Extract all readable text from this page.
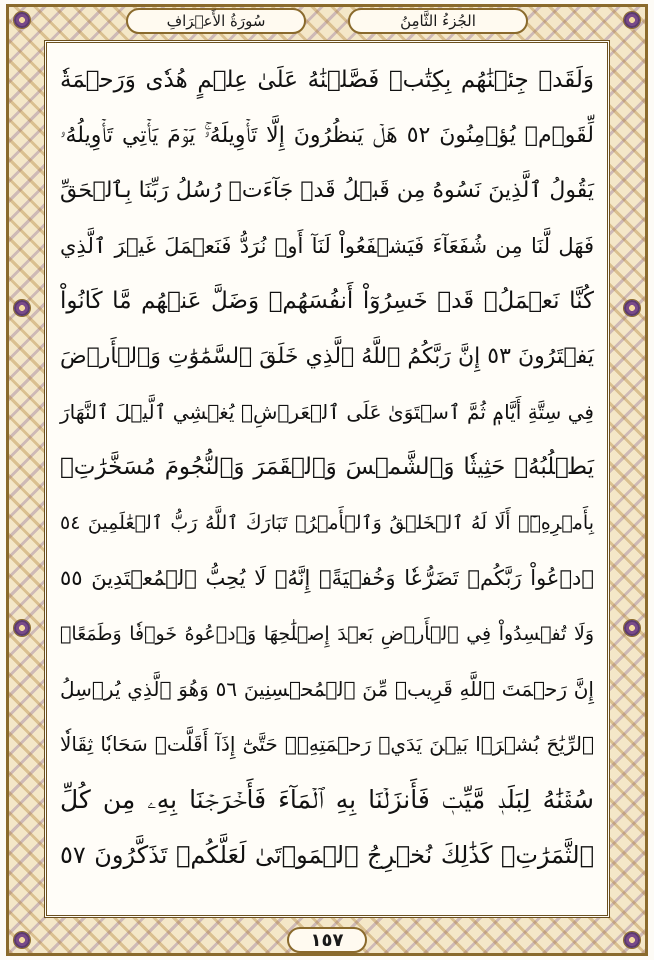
الجُزءُ الثَّامِنُ
سُورَةُ الأَعۡرَافِ
وَلَقَدۡ جِئۡنَٰهُم بِكِتَٰبٖ فَصَّلۡنَٰهُ عَلَىٰ عِلۡمٍ هُدٗى وَرَحۡمَةٗ
لِّقَوۡمٖ يُؤۡمِنُونَ ٥٢ هَلۡ يَنظُرُونَ إِلَّا تَأۡوِيلَهُۥۚ يَوۡمَ يَأۡتِي تَأۡوِيلُهُۥ
يَقُولُ ٱلَّذِينَ نَسُوهُ مِن قَبۡلُ قَدۡ جَآءَتۡ رُسُلُ رَبِّنَا بِٱلۡحَقِّ
فَهَل لَّنَا مِن شُفَعَآءَ فَيَشۡفَعُواْ لَنَآ أَوۡ نُرَدُّ فَنَعۡمَلَ غَيۡرَ ٱلَّذِي
كُنَّا نَعۡمَلُۚ قَدۡ خَسِرُوٓاْ أَنفُسَهُمۡ وَضَلَّ عَنۡهُم مَّا كَانُواْ
يَفۡتَرُونَ ٥٣ إِنَّ رَبَّكُمُ ٱللَّهُ ٱلَّذِي خَلَقَ ٱلسَّمَٰوَٰتِ وَٱلۡأَرۡضَ
فِي سِتَّةِ أَيَّامٖ ثُمَّ ٱسۡتَوَىٰ عَلَى ٱلۡعَرۡشِۖ يُغۡشِي ٱلَّيۡلَ ٱلنَّهَارَ
يَطۡلُبُهُۥ حَثِيثٗا وَٱلشَّمۡسَ وَٱلۡقَمَرَ وَٱلنُّجُومَ مُسَخَّرَٰتِۭ
بِأَمۡرِهِۦٓۗ أَلَا لَهُ ٱلۡخَلۡقُ وَٱلۡأَمۡرُۗ تَبَارَكَ ٱللَّهُ رَبُّ ٱلۡعَٰلَمِينَ ٥٤
ٱدۡعُواْ رَبَّكُمۡ تَضَرُّعٗا وَخُفۡيَةًۚ إِنَّهُۥ لَا يُحِبُّ ٱلۡمُعۡتَدِينَ ٥٥
وَلَا تُفۡسِدُواْ فِي ٱلۡأَرۡضِ بَعۡدَ إِصۡلَٰحِهَا وَٱدۡعُوهُ خَوۡفٗا وَطَمَعًاۚ
إِنَّ رَحۡمَتَ ٱللَّهِ قَرِيبٞ مِّنَ ٱلۡمُحۡسِنِينَ ٥٦ وَهُوَ ٱلَّذِي يُرۡسِلُ
ٱلرِّيَٰحَ بُشۡرَۢا بَيۡنَ يَدَيۡ رَحۡمَتِهِۦۖ حَتَّىٰٓ إِذَآ أَقَلَّتۡ سَحَابٗا ثِقَالٗا
سُقۡنَٰهُ لِبَلَدٖ مَّيِّتٖ فَأَنزَلۡنَا بِهِ ٱلۡمَآءَ فَأَخۡرَجۡنَا بِهِۦ مِن كُلِّ
ٱلثَّمَرَٰتِۚ كَذَٰلِكَ نُخۡرِجُ ٱلۡمَوۡتَىٰ لَعَلَّكُمۡ تَذَكَّرُونَ ٥٧
١٥٧
